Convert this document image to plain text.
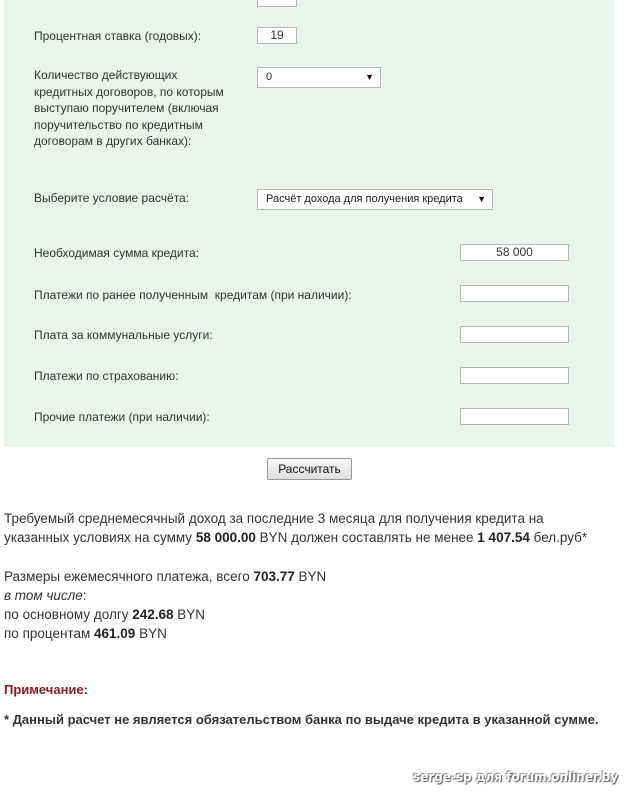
Процентная ставка (годовых):	19
Количество действующих кредитных договоров, по которым выступаю поручителем (включая поручительство по кредитным договорам в других банках):
0	▼
Выберите условие расчёта:	Расчёт дохода для получения кредита ▼
Необходимая сумма кредита:	58 000
Платежи по ранее полученным  кредитам (при наличии):
Плата за коммунальные услуги:
Платежи по страхованию:
Прочие платежи (при наличии):
Рассчитать
Требуемый среднемесячный доход за последние 3 месяца для получения кредита на
указанных условиях на сумму 58 000.00 BYN должен составлять не менее 1 407.54 бел.руб*
Размеры ежемесячного платежа, всего 703.77 BYN
в том числе:
по основному долгу 242.68 BYN
по процентам 461.09 BYN
Примечание:
* Данный расчет не является обязательством банка по выдаче кредита в указанной сумме.
serge-sp для forum.onliner.by
